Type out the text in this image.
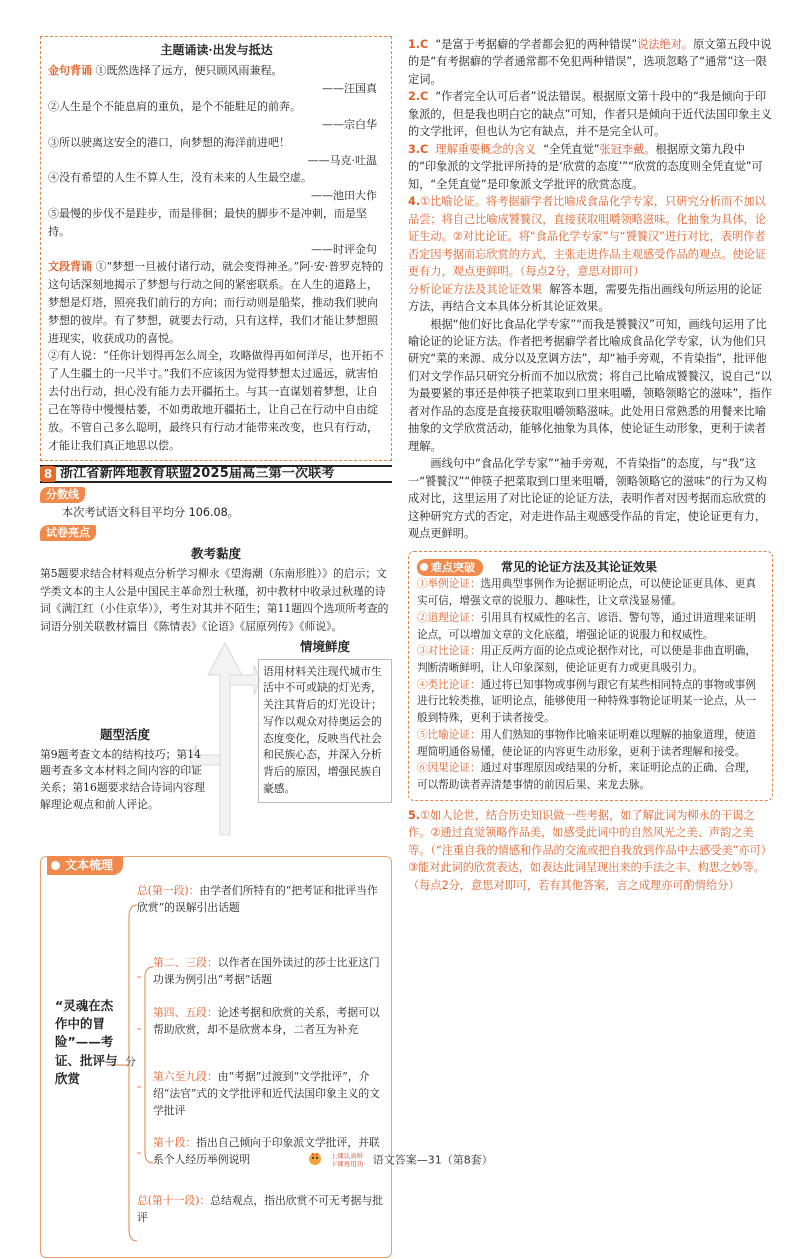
主题诵读·出发与抵达

金句背诵 ①既然选择了远方，便只顾风雨兼程。

——汪国真

②人生是个不能息肩的重负，是个不能駐足的前奔。

——宗白华

③所以驶离这安全的港口，向梦想的海洋前进吧！

——马克·吐温

④没有希望的人生不算人生，没有未来的人生最空虚。

——池田大作

⑤最慢的步伐不是跬步，而是徘徊；最快的脚步不是冲刺，而是坚持。

——时评金句

文段背诵 ①“梦想一旦被付诸行动，就会变得神圣。”阿·安·普罗克特的这句话深刻地揭示了梦想与行动之间的紧密联系。在人生的道路上，梦想是灯塔，照亮我们前行的方向；而行动则是船桨，推动我们驶向梦想的彼岸。有了梦想，就要去行动，只有这样，我们才能让梦想照进现实，收获成功的喜悦。

②有人说：“任你计划得再怎么周全，攻略做得再如何洋尽，也开拓不了人生疆土的一尺半寸。”我们不应该因为觉得梦想太过遥远，就害怕去付出行动，担心没有能力去开疆拓土。与其一直谋划着梦想，让自己在等待中慢慢枯萎，不如勇敢地开疆拓土，让自己在行动中自由绽放。不管自己多么聪明，最终只有行动才能带来改变，也只有行动，才能让我们真正地思以偿。

8 浙江省新阵地教育联盟2025届高三第一次联考
分数线

本次考试语文科目平均分 106.08。

试卷亮点
教考黏度

第5题要求结合材料观点分析学习柳永《望海潮（东南形胜）》的启示；文学类文本的主人公是中国民主革命烈士秋瑾，初中教材中收录过秋瑾的诗词《满江红（小住京华）》，考生对其并不陌生；第11题四个选项所考查的词语分别关联教材篇目《陈情表》《论语》《屈原列传》《师说》。

情境鲜度
语用材料关注现代城市生活中不可或缺的灯光秀，关注其背后的灯光设计；写作以观众对待奥运会的态度变化，反映当代社会和民族心态，并深入分析背后的原因，增强民族自豪感。
题型活度
第9题考查文本的结构技巧；第14题考查多文本材料之间内容的印证关系；第16题要求结合诗词内容理解理论观点和前人评论。
文本梳理
“灵魂在杰作中的冒险”——考证、批评与欣赏
分
总(第一段)：由学者们所特有的“把考证和批评当作欣赏”的误解引出话题
第二、三段：以作者在国外读过的莎士比亚这门功课为例引出“考据”话题
第四、五段：论述考据和欣赏的关系，考据可以帮助欣赏，却不是欣赏本身，二者互为补充
第六至九段：由“考据”过渡到“文学批评”，介绍“法官”式的文学批评和近代法国印象主义的文学批评
第十段：指出自己倾向于印象派文学批评，并联系个人经历举例说明
总(第十一段)：总结观点，指出欣赏不可无考据与批评

1.C “是富于考据癖的学者都会犯的两种错误”说法绝对。原文第五段中说的是“有考据癖的学者通常都不免犯两种错误”，选项忽略了“通常”这一限定词。

2.C “作者完全认可后者”说法错误。根据原文第十段中的“我是倾向于印象派的，但是我也明白它的缺点”可知，作者只是倾向于近代法国印象主义的文学批评，但也认为它有缺点，并不是完全认可。

3.C 理解重要概念的含义 “全凭直觉”张冠李戴。根据原文第九段中的“印象派的文学批评所持的是‘欣赏的态度’”“欣赏的态度则全凭直觉”可知，“全凭直觉”是印象派文学批评的欣赏态度。

4.①比喻论证。将考据癖学者比喻成食品化学专家，只研究分析而不加以品尝；将自己比喻成饕餮汉，直接获取咀嚼领略滋味。化抽象为具体，论证生动。②对比论证。将“食品化学专家”与“饕餮汉”进行对比，表明作者否定因考据而忘欣赏的方式，主张走进作品主观感受作品的观点。使论证更有力，观点更鲜明。（每点2分，意思对即可）

分析论证方法及其论证效果 解答本题，需要先指出画线句所运用的论证方法，再结合文本具体分析其论证效果。

根据“他们好比食品化学专家”“而我是饕餮汉”可知，画线句运用了比喻论证的论证方法。作者把考据癖学者比喻成食品化学专家，认为他们只研究“菜的来源、成分以及烹调方法”，却“袖手旁观，不肯染指”，批评他们对文学作品只研究分析而不加以欣赏；将自己比喻成饕餮汉，说自己“以为最要紧的事还是伸筷子把菜取到口里来咀嚼，领略领略它的滋味”，指作者对作品的态度是直接获取咀嚼领略滋味。此处用日常熟悉的用餐来比喻抽象的文学欣赏活动，能够化抽象为具体，使论证生动形象，更利于读者理解。

画线句中“食品化学专家”“袖手旁观，不肯染指”的态度，与“我”这一“饕餮汉”“伸筷子把菜取到口里来咀嚼，领略领略它的滋味”的行为又构成对比，这里运用了对比论证的论证方法，表明作者对因考据而忘欣赏的这种研究方式的否定，对走进作品主观感受作品的肯定，使论证更有力，观点更鲜明。

难点突破 常见的论证方法及其论证效果

①举例论证：选用典型事例作为论据证明论点，可以使论证更具体、更真实可信，增强文章的说服力、趣味性，让文章浅显易懂。

②道理论证：引用具有权威性的名言、谚语、警句等，通过讲道理来证明论点，可以增加文章的文化底蕴，增强论证的说服力和权威性。

③对比论证：用正反两方面的论点或论据作对比，可以使是非曲直明确，判断清晰鲜明，让人印象深刻，使论证更有力或更具吸引力。

④类比论证：通过将已知事物或事例与跟它有某些相同特点的事物或事例进行比较类推，证明论点，能够使用一种特殊事物论证明某一论点，从一般到特殊，更利于读者接受。

⑤比喻论证：用人们熟知的事物作比喻来证明难以理解的抽象道理，使道理简明通俗易懂，使论证的内容更生动形象，更利于读者理解和接受。

⑥因果论证：通过对事理原因或结果的分析，来证明论点的正确、合理，可以帮助读者弄清楚事情的前因后果、来龙去脉。

5.①如人论世，结合历史知识做一些考据，如了解此词为柳永的干谒之作。②通过直觉领略作品美，如感受此词中的自然风光之美、声韵之美等。（“注重自我的情感和作品的交流或把自我放到作品中去感受美”亦可）③能对此词的欣赏表达，如表达此词呈现出来的手法之丰、构思之妙等。（每点2分，意思对即可，若有其他答案，言之成理亦可酌情给分）

上课认真听
下课再用功 语文答案—31（第8套）
